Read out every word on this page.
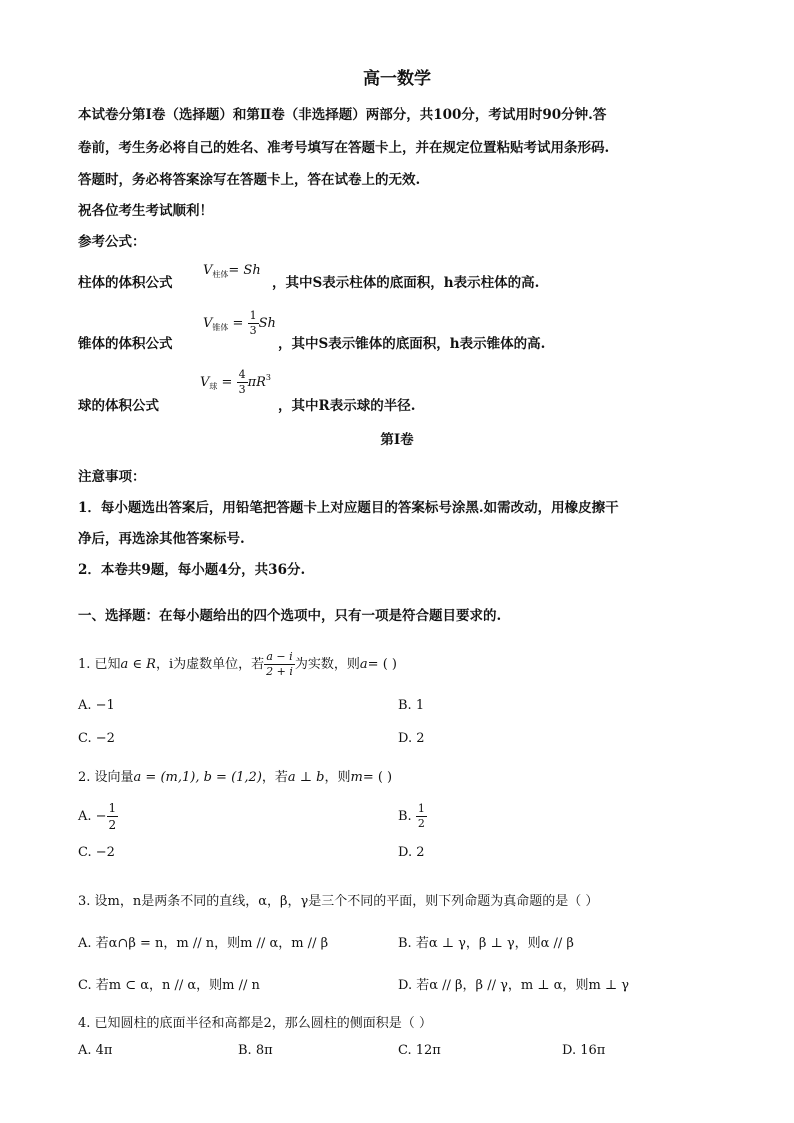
高一数学
本试卷分第Ⅰ卷（选择题）和第Ⅱ卷（非选择题）两部分，共100分，考试用时90分钟.答
卷前，考生务必将自己的姓名、准考号填写在答题卡上，并在规定位置粘贴考试用条形码.
答题时，务必将答案涂写在答题卡上，答在试卷上的无效.
祝各位考生考试顺利！
参考公式：
柱体的体积公式
$V_{柱体}= Sh$
，其中S表示柱体的底面积，h表示柱体的高.
锥体的体积公式
$V_{锥体} = \frac{1}{3}$ Sh
，其中S表示锥体的底面积，h表示锥体的高.
球的体积公式
$V_球 = \frac{4}{3} \pi R^3$
，其中R表示球的半径.
第Ⅰ卷
注意事项：
1．每小题选出答案后，用铅笔把答题卡上对应题目的答案标号涂黑.如需改动，用橡皮擦干
净后，再选涂其他答案标号.
2．本卷共9题，每小题4分，共36分.
一、选择题：在每小题给出的四个选项中，只有一项是符合题目要求的.
1. 已知a ∈ R，i为虚数单位，若 $\frac{a - i}{2 + i}$ 为实数，则a= ( )
A. −1	B. 1
C. −2	D. 2
2. 设向量a = (m,1), b = (1,2)，若a ⊥ b，则m= ( )
A. − $\frac{1}{2}$	B. $\frac{1}{2}$
C. −2	D. 2
3. 设m，n是两条不同的直线，α，β，γ是三个不同的平面，则下列命题为真命题的是（ ）
A. 若α∩β = n，m // n，则m // α，m // β	B. 若α ⊥ γ，β ⊥ γ，则α // β
C. 若m ⊂ α，n // α，则m // n	D. 若α // β，β // γ，m ⊥ α，则m ⊥ γ
4. 已知圆柱的底面半径和高都是2，那么圆柱的侧面积是（ ）
A. 4π	B. 8π	C. 12π	D. 16π
